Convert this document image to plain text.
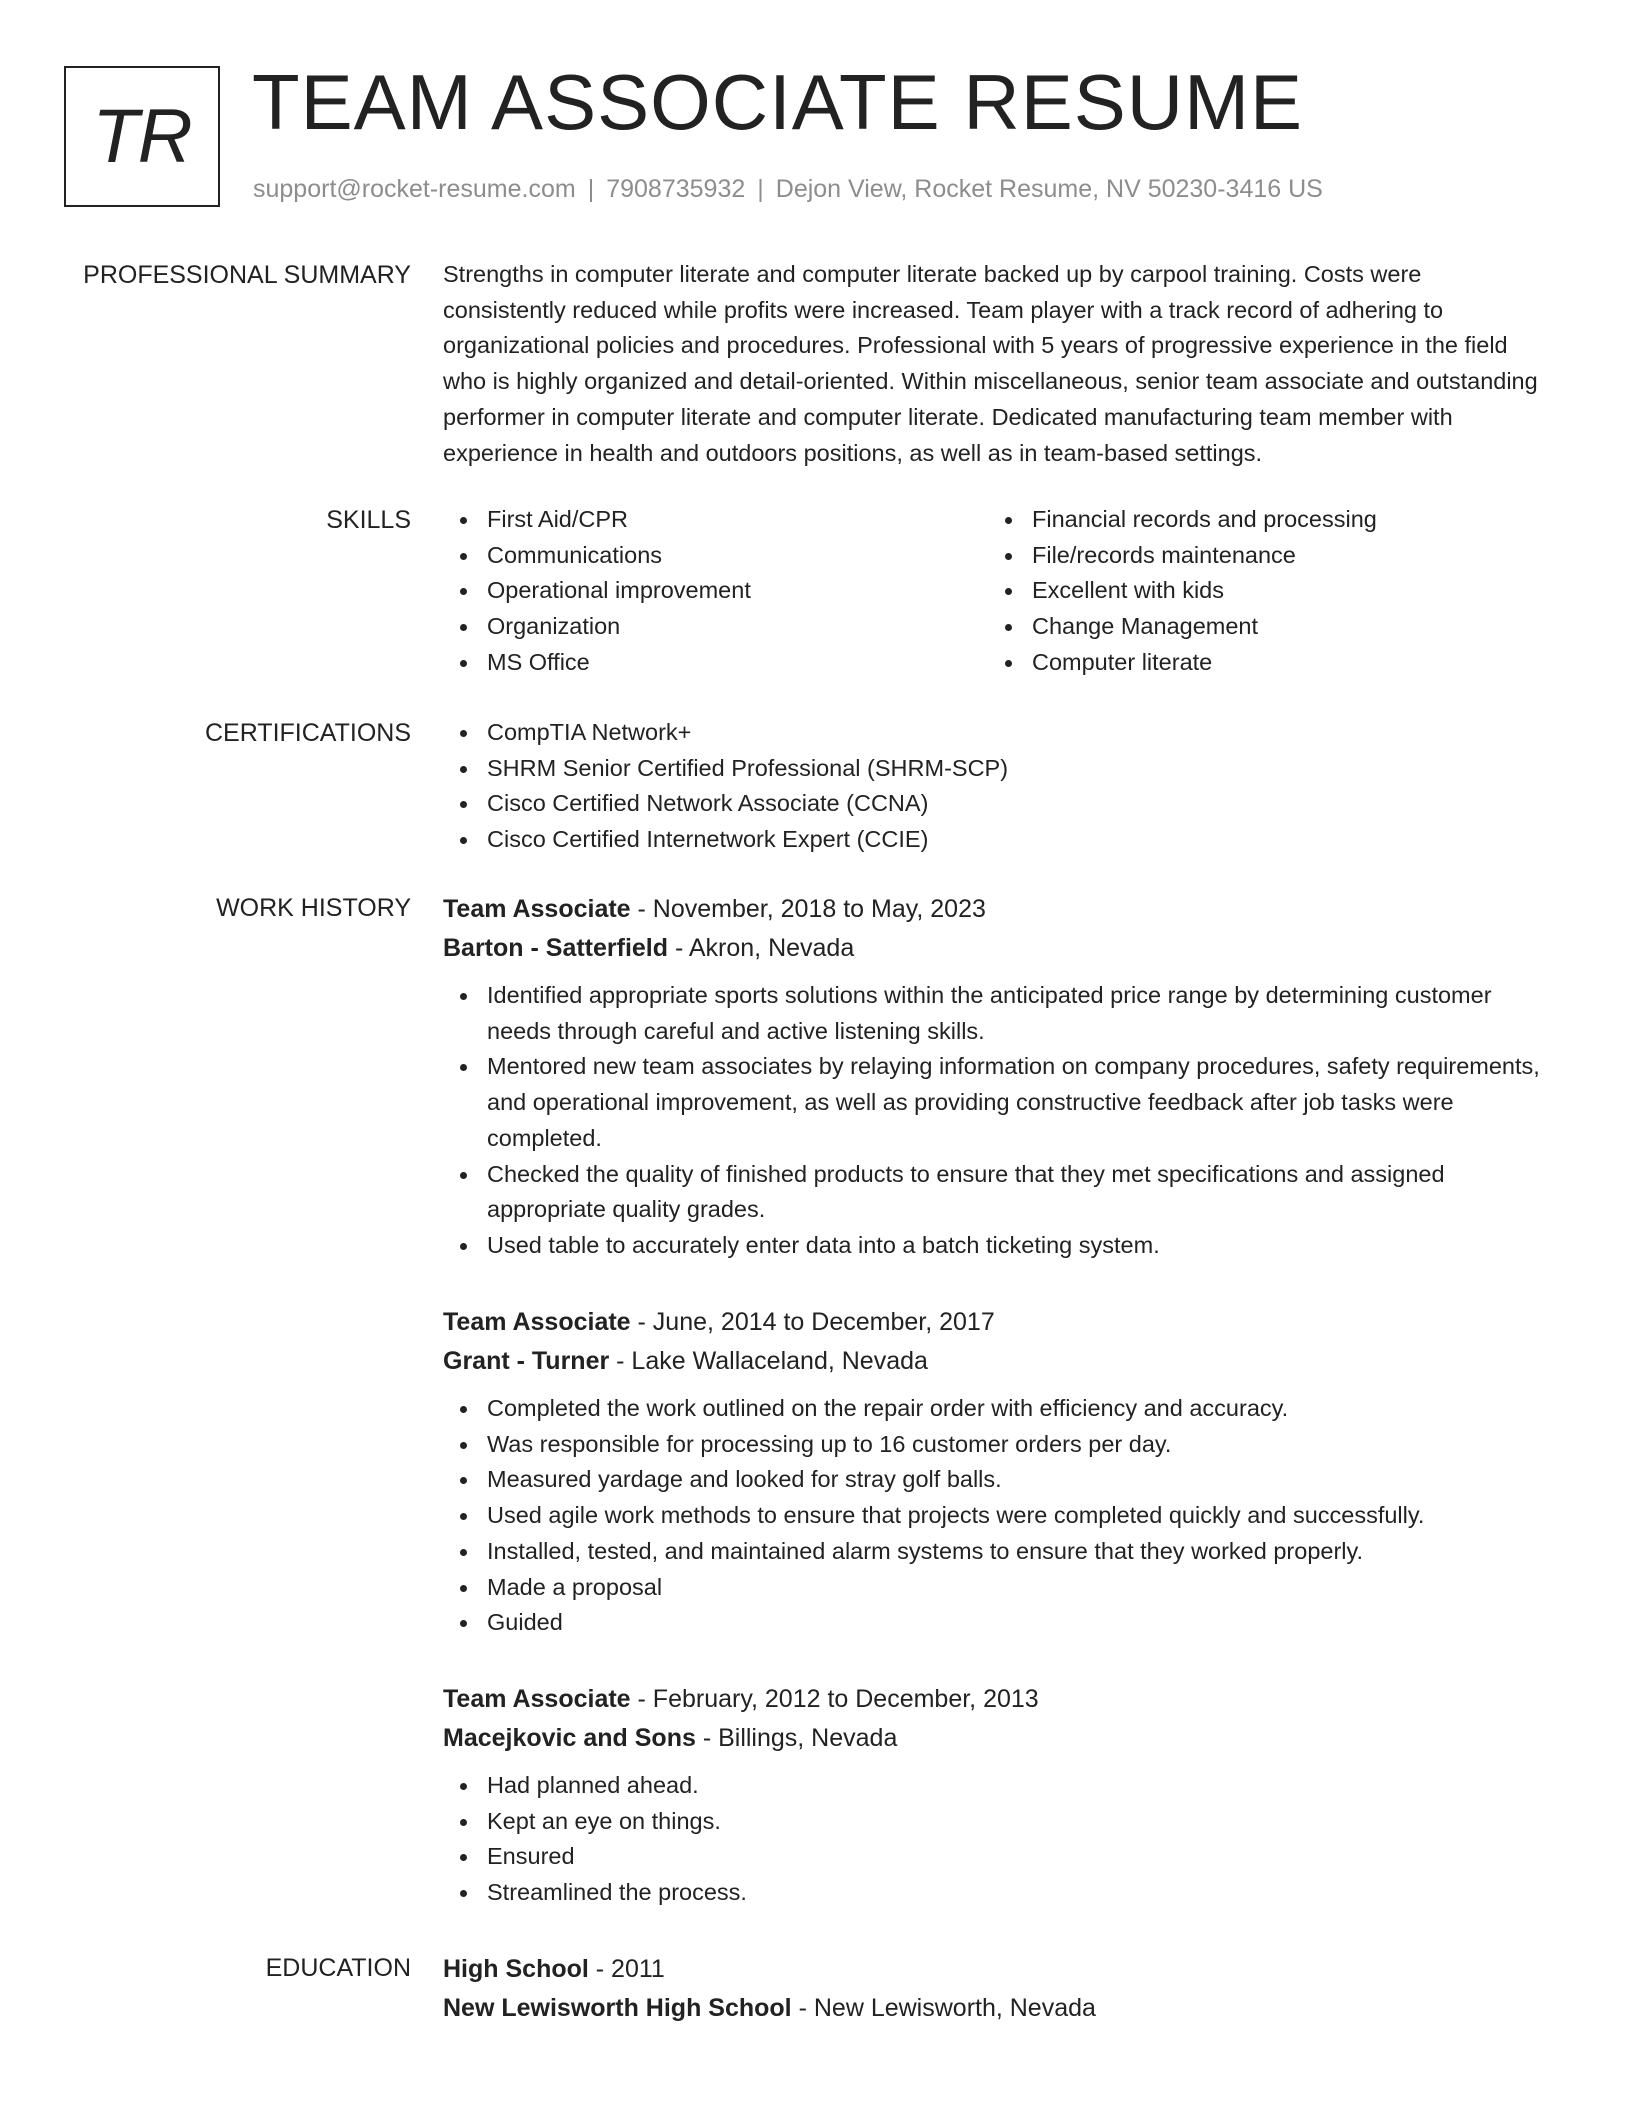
TR TEAM ASSOCIATE RESUME
support@rocket-resume.com | 7908735932 | Dejon View, Rocket Resume, NV 50230-3416 US
PROFESSIONAL SUMMARY Strengths in computer literate and computer literate backed up by carpool training. Costs were consistently reduced while profits were increased. Team player with a track record of adhering to organizational policies and procedures. Professional with 5 years of progressive experience in the field who is highly organized and detail-oriented. Within miscellaneous, senior team associate and outstanding performer in computer literate and computer literate. Dedicated manufacturing team member with experience in health and outdoors positions, as well as in team-based settings.
SKILLS	First Aid/CPR
Communications
Operational improvement
Organization
MS Office
Financial records and processing
File/records maintenance
Excellent with kids
Change Management
Computer literate
CERTIFICATIONS	CompTIA Network+
SHRM Senior Certified Professional (SHRM-SCP)
Cisco Certified Network Associate (CCNA)
Cisco Certified Internetwork Expert (CCIE)
WORK HISTORY Team Associate - November, 2018 to May, 2023
Barton - Satterfield - Akron, Nevada
Identified appropriate sports solutions within the anticipated price range by determining customer needs through careful and active listening skills.
Mentored new team associates by relaying information on company procedures, safety requirements, and operational improvement, as well as providing constructive feedback after job tasks were completed.
Checked the quality of finished products to ensure that they met specifications and assigned appropriate quality grades.
Used table to accurately enter data into a batch ticketing system.
Team Associate - June, 2014 to December, 2017
Grant - Turner - Lake Wallaceland, Nevada
Completed the work outlined on the repair order with efficiency and accuracy.
Was responsible for processing up to 16 customer orders per day.
Measured yardage and looked for stray golf balls.
Used agile work methods to ensure that projects were completed quickly and successfully.
Installed, tested, and maintained alarm systems to ensure that they worked properly.
Made a proposal
Guided
Team Associate - February, 2012 to December, 2013
Macejkovic and Sons - Billings, Nevada
Had planned ahead.
Kept an eye on things.
Ensured
Streamlined the process.
EDUCATION High School - 2011
New Lewisworth High School - New Lewisworth, Nevada
